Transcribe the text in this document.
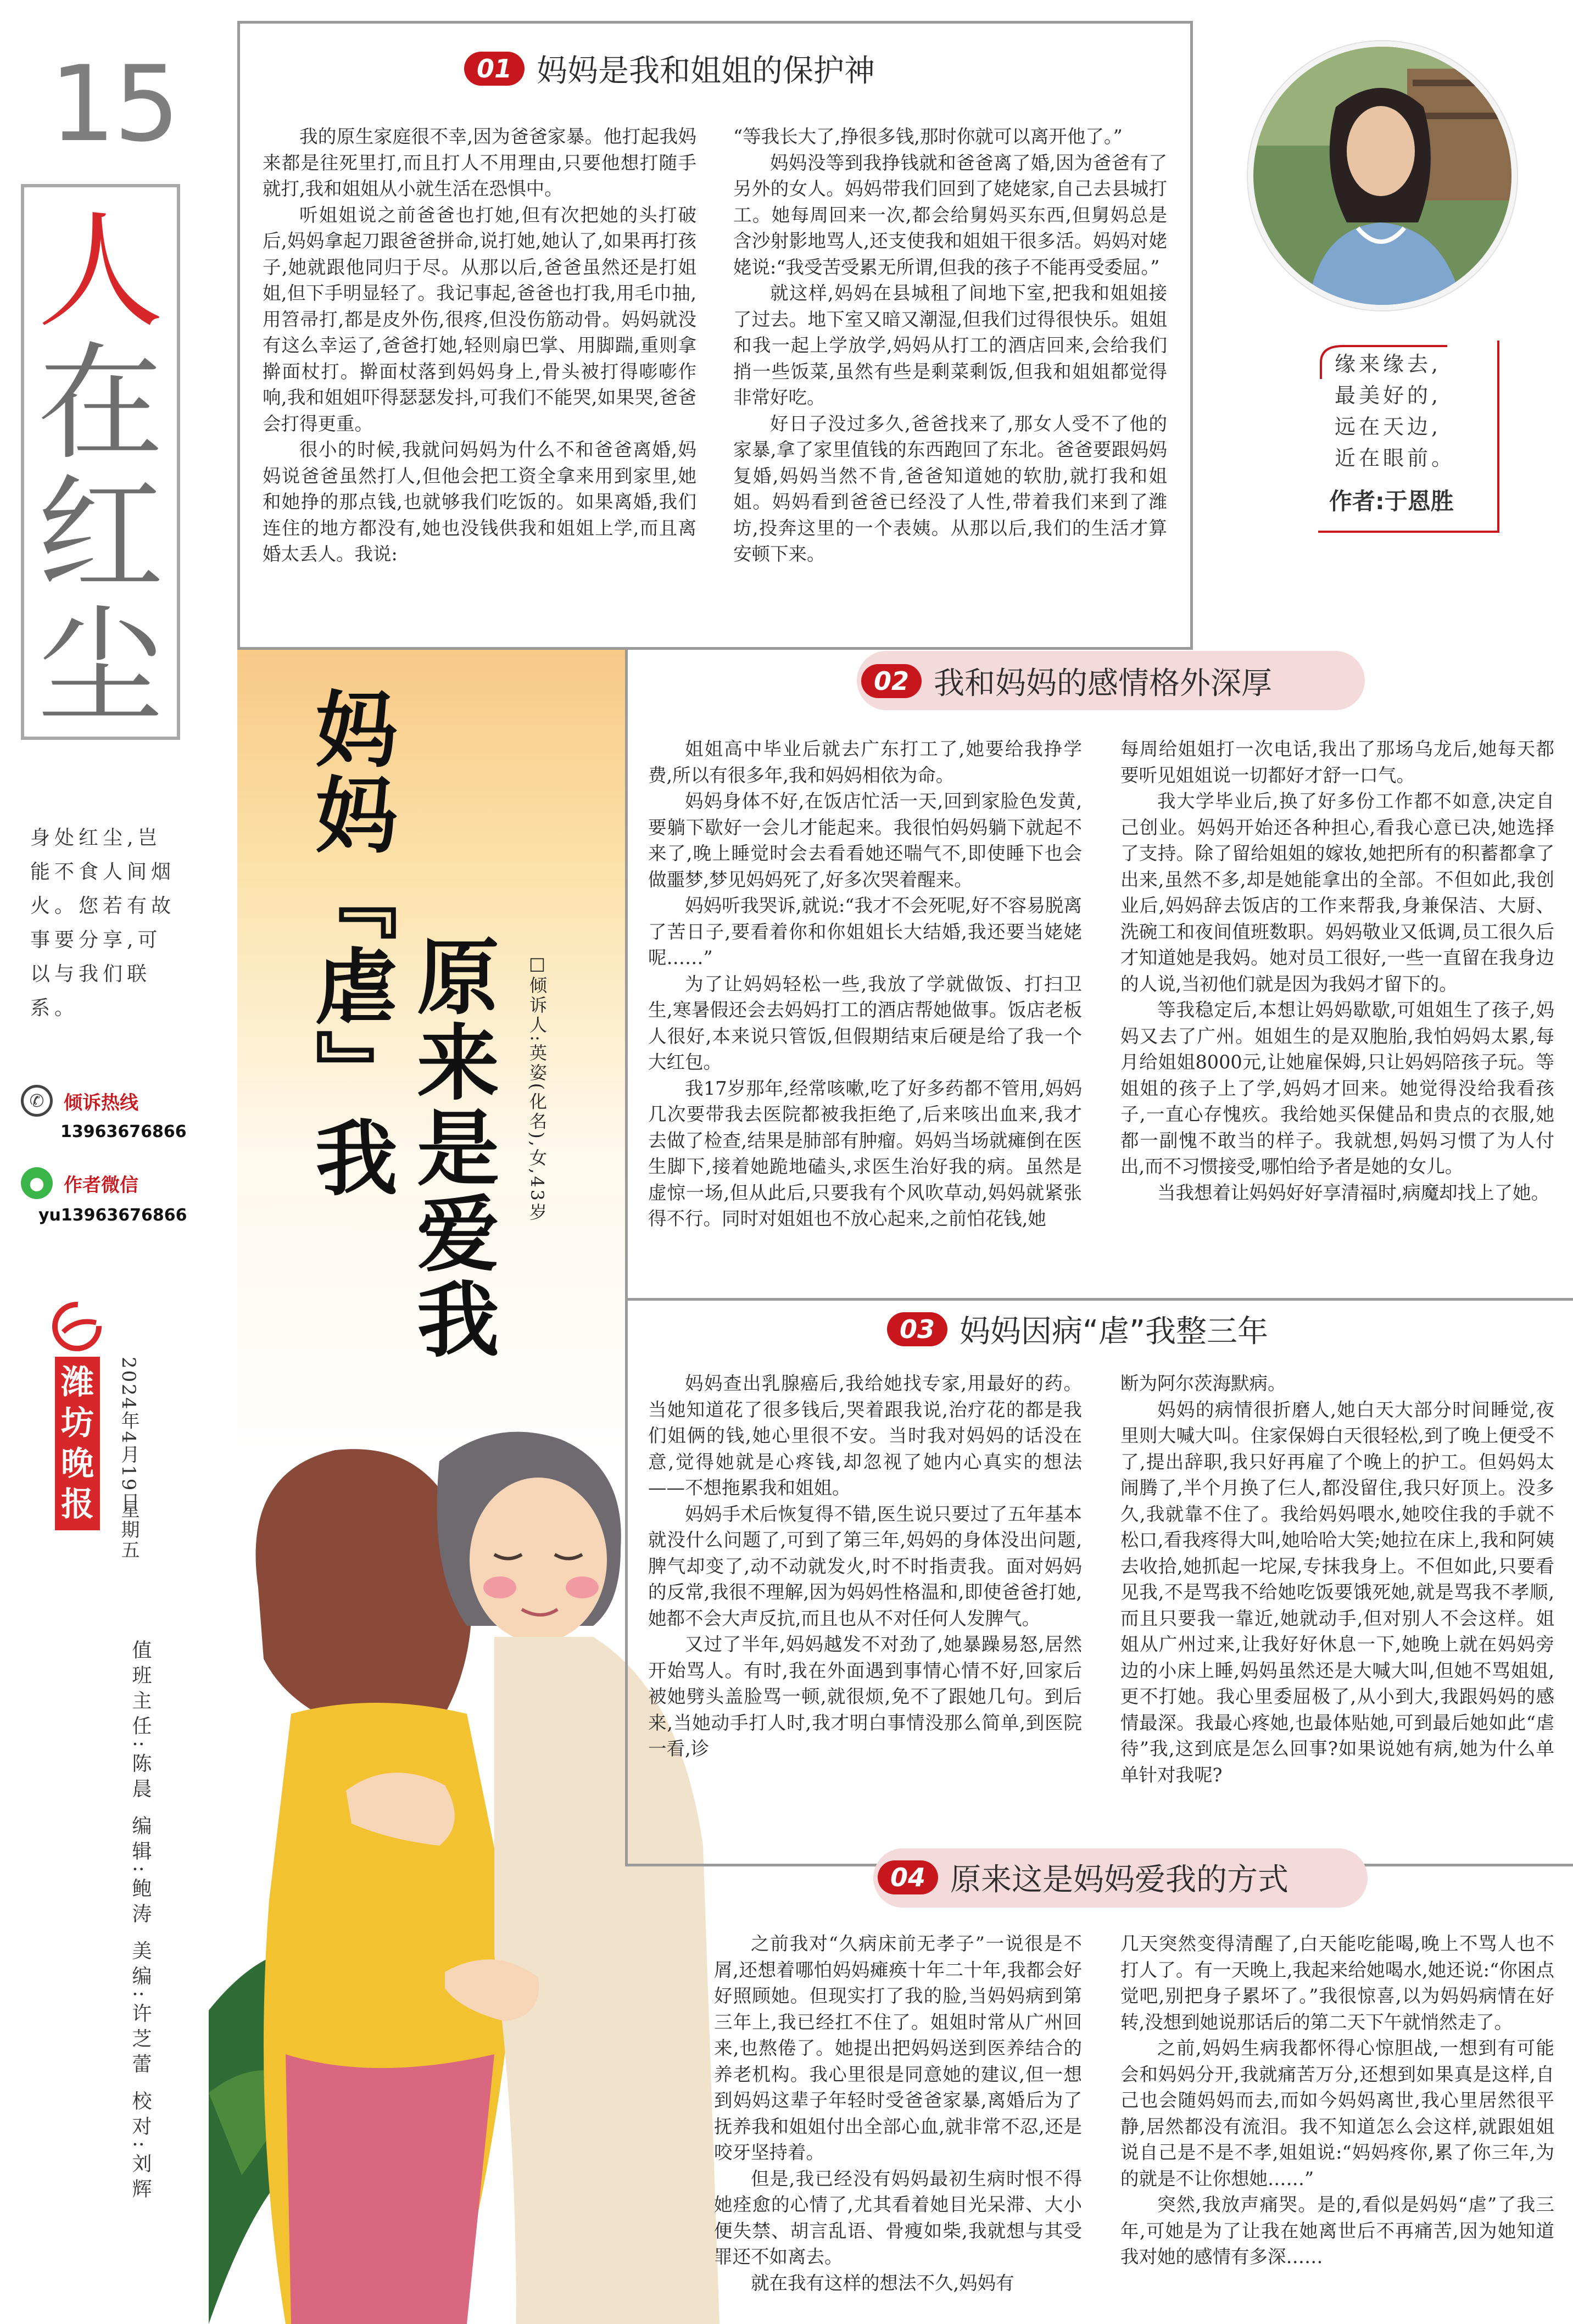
15
人
在
红
尘
身处红尘,岂能不食人间烟火。您若有故事要分享,可以与我们联系。
✆	倾诉热线
13963676866
●	作者微信
yu13963676866
潍坊晚报	2024年4月19日
星期五
值班主任:陈晨 编辑:鲍涛 美编:许芝蕾 校对:刘辉
妈妈『虐』我 原来是爱我 □倾诉人:英姿(化名),女,43岁
01 妈妈是我和姐姐的保护神

我的原生家庭很不幸,因为爸爸家暴。他打起我妈来都是往死里打,而且打人不用理由,只要他想打随手就打,我和姐姐从小就生活在恐惧中。

听姐姐说之前爸爸也打她,但有次把她的头打破后,妈妈拿起刀跟爸爸拼命,说打她,她认了,如果再打孩子,她就跟他同归于尽。从那以后,爸爸虽然还是打姐姐,但下手明显轻了。我记事起,爸爸也打我,用毛巾抽,用笤帚打,都是皮外伤,很疼,但没伤筋动骨。妈妈就没有这么幸运了,爸爸打她,轻则扇巴掌、用脚踹,重则拿擀面杖打。擀面杖落到妈妈身上,骨头被打得嘭嘭作响,我和姐姐吓得瑟瑟发抖,可我们不能哭,如果哭,爸爸会打得更重。

很小的时候,我就问妈妈为什么不和爸爸离婚,妈妈说爸爸虽然打人,但他会把工资全拿来用到家里,她和她挣的那点钱,也就够我们吃饭的。如果离婚,我们连住的地方都没有,她也没钱供我和姐姐上学,而且离婚太丢人。我说:

“等我长大了,挣很多钱,那时你就可以离开他了。”

妈妈没等到我挣钱就和爸爸离了婚,因为爸爸有了另外的女人。妈妈带我们回到了姥姥家,自己去县城打工。她每周回来一次,都会给舅妈买东西,但舅妈总是含沙射影地骂人,还支使我和姐姐干很多活。妈妈对姥姥说:“我受苦受累无所谓,但我的孩子不能再受委屈。”

就这样,妈妈在县城租了间地下室,把我和姐姐接了过去。地下室又暗又潮湿,但我们过得很快乐。姐姐和我一起上学放学,妈妈从打工的酒店回来,会给我们捎一些饭菜,虽然有些是剩菜剩饭,但我和姐姐都觉得非常好吃。

好日子没过多久,爸爸找来了,那女人受不了他的家暴,拿了家里值钱的东西跑回了东北。爸爸要跟妈妈复婚,妈妈当然不肯,爸爸知道她的软肋,就打我和姐姐。妈妈看到爸爸已经没了人性,带着我们来到了潍坊,投奔这里的一个表姨。从那以后,我们的生活才算安顿下来。

缘来缘去,
最美好的,
远在天边,
近在眼前。
作者:于恩胜
02 我和妈妈的感情格外深厚

姐姐高中毕业后就去广东打工了,她要给我挣学费,所以有很多年,我和妈妈相依为命。

妈妈身体不好,在饭店忙活一天,回到家脸色发黄,要躺下歇好一会儿才能起来。我很怕妈妈躺下就起不来了,晚上睡觉时会去看看她还喘气不,即使睡下也会做噩梦,梦见妈妈死了,好多次哭着醒来。

妈妈听我哭诉,就说:“我才不会死呢,好不容易脱离了苦日子,要看着你和你姐姐长大结婚,我还要当姥姥呢……”

为了让妈妈轻松一些,我放了学就做饭、打扫卫生,寒暑假还会去妈妈打工的酒店帮她做事。饭店老板人很好,本来说只管饭,但假期结束后硬是给了我一个大红包。

我17岁那年,经常咳嗽,吃了好多药都不管用,妈妈几次要带我去医院都被我拒绝了,后来咳出血来,我才去做了检查,结果是肺部有肿瘤。妈妈当场就瘫倒在医生脚下,接着她跪地磕头,求医生治好我的病。虽然是虚惊一场,但从此后,只要我有个风吹草动,妈妈就紧张得不行。同时对姐姐也不放心起来,之前怕花钱,她

每周给姐姐打一次电话,我出了那场乌龙后,她每天都要听见姐姐说一切都好才舒一口气。

我大学毕业后,换了好多份工作都不如意,决定自己创业。妈妈开始还各种担心,看我心意已决,她选择了支持。除了留给姐姐的嫁妆,她把所有的积蓄都拿了出来,虽然不多,却是她能拿出的全部。不但如此,我创业后,妈妈辞去饭店的工作来帮我,身兼保洁、大厨、洗碗工和夜间值班数职。妈妈敬业又低调,员工很久后才知道她是我妈。她对员工很好,一些一直留在我身边的人说,当初他们就是因为我妈才留下的。

等我稳定后,本想让妈妈歇歇,可姐姐生了孩子,妈妈又去了广州。姐姐生的是双胞胎,我怕妈妈太累,每月给姐姐8000元,让她雇保姆,只让妈妈陪孩子玩。等姐姐的孩子上了学,妈妈才回来。她觉得没给我看孩子,一直心存愧疚。我给她买保健品和贵点的衣服,她都一副愧不敢当的样子。我就想,妈妈习惯了为人付出,而不习惯接受,哪怕给予者是她的女儿。

当我想着让妈妈好好享清福时,病魔却找上了她。

03 妈妈因病“虐”我整三年

妈妈查出乳腺癌后,我给她找专家,用最好的药。当她知道花了很多钱后,哭着跟我说,治疗花的都是我们姐俩的钱,她心里很不安。当时我对妈妈的话没在意,觉得她就是心疼钱,却忽视了她内心真实的想法——不想拖累我和姐姐。

妈妈手术后恢复得不错,医生说只要过了五年基本就没什么问题了,可到了第三年,妈妈的身体没出问题,脾气却变了,动不动就发火,时不时指责我。面对妈妈的反常,我很不理解,因为妈妈性格温和,即使爸爸打她,她都不会大声反抗,而且也从不对任何人发脾气。

又过了半年,妈妈越发不对劲了,她暴躁易怒,居然开始骂人。有时,我在外面遇到事情心情不好,回家后被她劈头盖脸骂一顿,就很烦,免不了跟她几句。到后来,当她动手打人时,我才明白事情没那么简单,到医院一看,诊

断为阿尔茨海默病。

妈妈的病情很折磨人,她白天大部分时间睡觉,夜里则大喊大叫。住家保姆白天很轻松,到了晚上便受不了,提出辞职,我只好再雇了个晚上的护工。但妈妈太闹腾了,半个月换了仨人,都没留住,我只好顶上。没多久,我就靠不住了。我给妈妈喂水,她咬住我的手就不松口,看我疼得大叫,她哈哈大笑;她拉在床上,我和阿姨去收拾,她抓起一坨屎,专抹我身上。不但如此,只要看见我,不是骂我不给她吃饭要饿死她,就是骂我不孝顺,而且只要我一靠近,她就动手,但对别人不会这样。姐姐从广州过来,让我好好休息一下,她晚上就在妈妈旁边的小床上睡,妈妈虽然还是大喊大叫,但她不骂姐姐,更不打她。我心里委屈极了,从小到大,我跟妈妈的感情最深。我最心疼她,也最体贴她,可到最后她如此“虐待”我,这到底是怎么回事?如果说她有病,她为什么单单针对我呢?

04 原来这是妈妈爱我的方式

之前我对“久病床前无孝子”一说很是不屑,还想着哪怕妈妈瘫痪十年二十年,我都会好好照顾她。但现实打了我的脸,当妈妈病到第三年上,我已经扛不住了。姐姐时常从广州回来,也熬倦了。她提出把妈妈送到医养结合的养老机构。我心里很是同意她的建议,但一想到妈妈这辈子年轻时受爸爸家暴,离婚后为了抚养我和姐姐付出全部心血,就非常不忍,还是咬牙坚持着。

但是,我已经没有妈妈最初生病时恨不得她痊愈的心情了,尤其看着她目光呆滞、大小便失禁、胡言乱语、骨瘦如柴,我就想与其受罪还不如离去。

就在我有这样的想法不久,妈妈有

几天突然变得清醒了,白天能吃能喝,晚上不骂人也不打人了。有一天晚上,我起来给她喝水,她还说:“你困点觉吧,别把身子累坏了。”我很惊喜,以为妈妈病情在好转,没想到她说那话后的第二天下午就悄然走了。

之前,妈妈生病我都怀得心惊胆战,一想到有可能会和妈妈分开,我就痛苦万分,还想到如果真是这样,自己也会随妈妈而去,而如今妈妈离世,我心里居然很平静,居然都没有流泪。我不知道怎么会这样,就跟姐姐说自己是不是不孝,姐姐说:“妈妈疼你,累了你三年,为的就是不让你想她……”

突然,我放声痛哭。是的,看似是妈妈“虐”了我三年,可她是为了让我在她离世后不再痛苦,因为她知道我对她的感情有多深……
